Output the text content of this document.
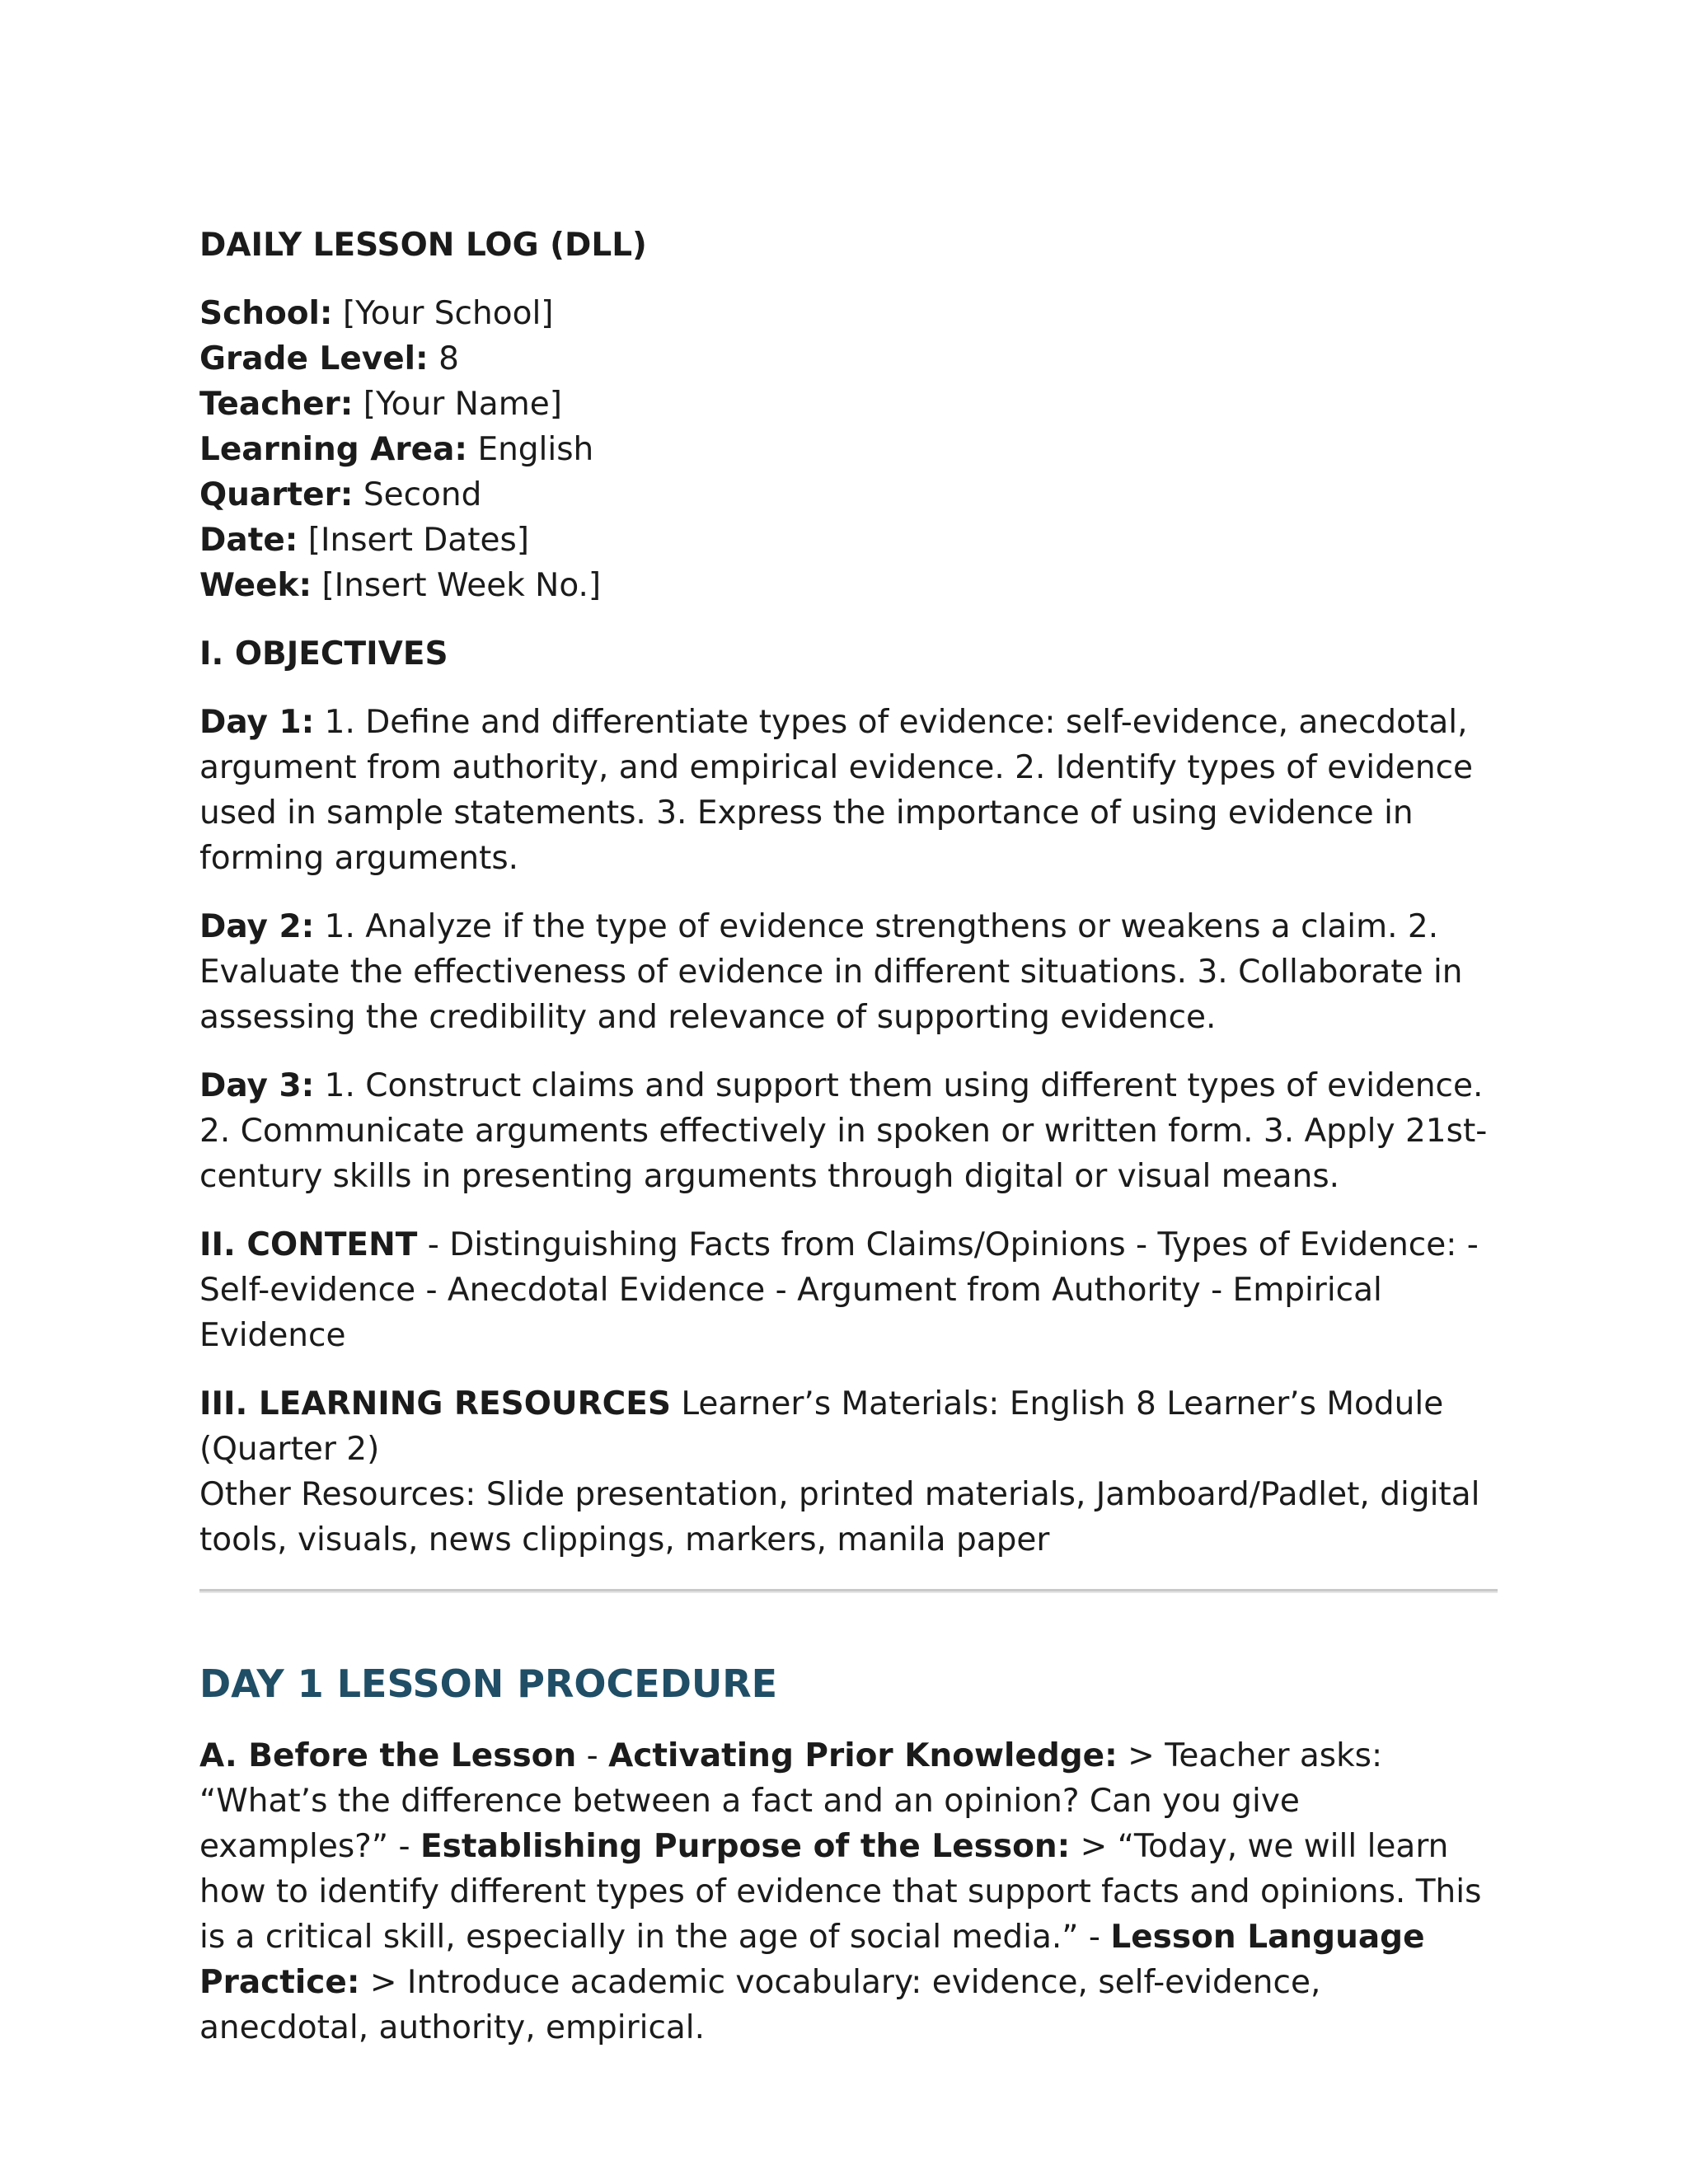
DAILY LESSON LOG (DLL)

School: [Your School]
Grade Level: 8
Teacher: [Your Name]
Learning Area: English
Quarter: Second
Date: [Insert Dates]
Week: [Insert Week No.]

I. OBJECTIVES

Day 1: 1. Define and differentiate types of evidence: self-evidence, anecdotal, argument from authority, and empirical evidence. 2. Identify types of evidence used in sample statements. 3. Express the importance of using evidence in forming arguments.

Day 2: 1. Analyze if the type of evidence strengthens or weakens a claim. 2. Evaluate the effectiveness of evidence in different situations. 3. Collaborate in assessing the credibility and relevance of supporting evidence.

Day 3: 1. Construct claims and support them using different types of evidence. 2. Communicate arguments effectively in spoken or written form. 3. Apply 21st-century skills in presenting arguments through digital or visual means.

II. CONTENT - Distinguishing Facts from Claims/Opinions - Types of Evidence: - Self-evidence - Anecdotal Evidence - Argument from Authority - Empirical Evidence

III. LEARNING RESOURCES Learner’s Materials: English 8 Learner’s Module (Quarter 2)
Other Resources: Slide presentation, printed materials, Jamboard/Padlet, digital tools, visuals, news clippings, markers, manila paper

DAY 1 LESSON PROCEDURE

A. Before the Lesson - Activating Prior Knowledge: > Teacher asks: “What’s the difference between a fact and an opinion? Can you give examples?” - Establishing Purpose of the Lesson: > “Today, we will learn how to identify different types of evidence that support facts and opinions. This is a critical skill, especially in the age of social media.” - Lesson Language Practice: > Introduce academic vocabulary: evidence, self-evidence, anecdotal, authority, empirical.
